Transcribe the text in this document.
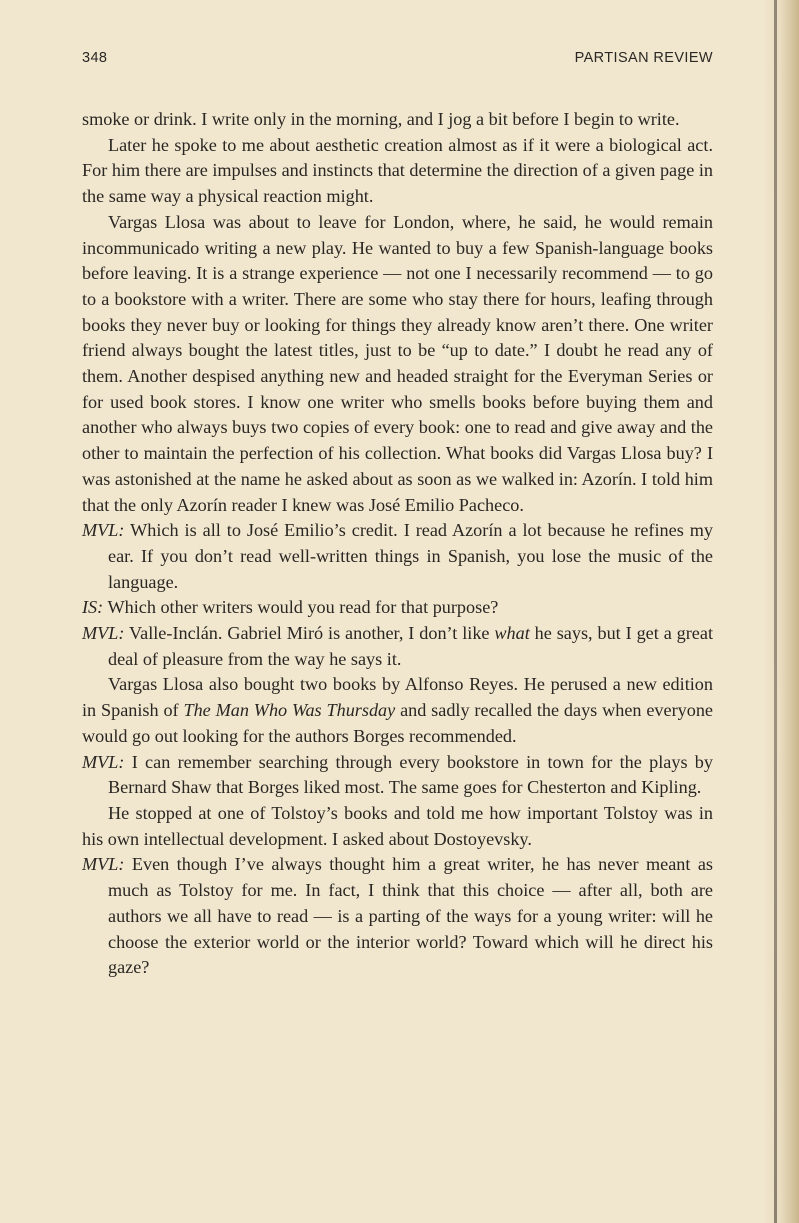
348	PARTISAN REVIEW

smoke or drink. I write only in the morning, and I jog a bit before I begin to write.

Later he spoke to me about aesthetic creation almost as if it were a biological act. For him there are impulses and instincts that determine the direction of a given page in the same way a physical reaction might.

Vargas Llosa was about to leave for London, where, he said, he would remain incommunicado writing a new play. He wanted to buy a few Spanish-language books before leaving. It is a strange experience — not one I necessarily recommend — to go to a bookstore with a writer. There are some who stay there for hours, leafing through books they never buy or looking for things they already know aren’t there. One writer friend always bought the latest titles, just to be “up to date.” I doubt he read any of them. Another despised anything new and headed straight for the Everyman Series or for used book stores. I know one writer who smells books before buying them and another who always buys two copies of every book: one to read and give away and the other to maintain the perfection of his collection. What books did Vargas Llosa buy? I was astonished at the name he asked about as soon as we walked in: Azorín. I told him that the only Azorín reader I knew was José Emilio Pacheco.

MVL: Which is all to José Emilio’s credit. I read Azorín a lot because he refines my ear. If you don’t read well-written things in Spanish, you lose the music of the language.

IS: Which other writers would you read for that purpose?

MVL: Valle-Inclán. Gabriel Miró is another, I don’t like what he says, but I get a great deal of pleasure from the way he says it.

Vargas Llosa also bought two books by Alfonso Reyes. He perused a new edition in Spanish of The Man Who Was Thursday and sadly recalled the days when everyone would go out looking for the authors Borges recommended.

MVL: I can remember searching through every bookstore in town for the plays by Bernard Shaw that Borges liked most. The same goes for Chesterton and Kipling.

He stopped at one of Tolstoy’s books and told me how important Tolstoy was in his own intellectual development. I asked about Dostoyevsky.

MVL: Even though I’ve always thought him a great writer, he has never meant as much as Tolstoy for me. In fact, I think that this choice — after all, both are authors we all have to read — is a parting of the ways for a young writer: will he choose the exterior world or the interior world? Toward which will he direct his gaze?
